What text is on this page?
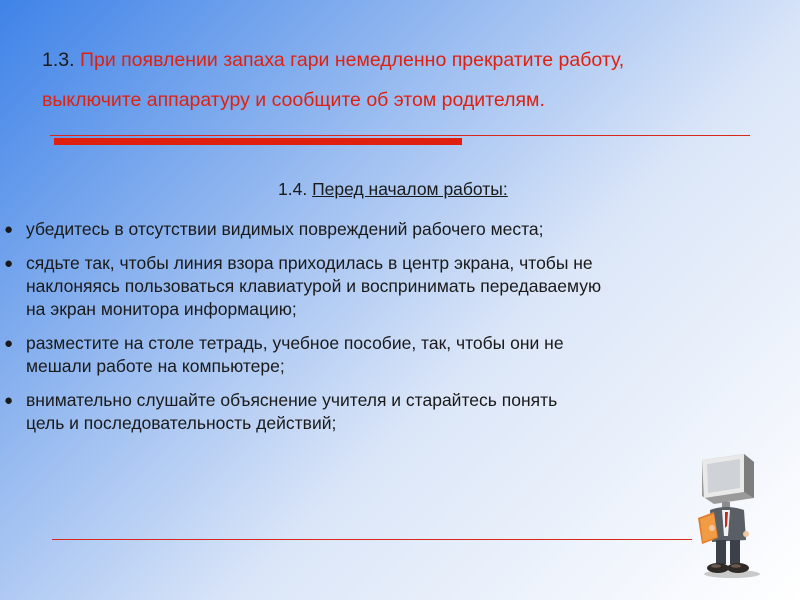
1.3. При появлении запаха гари немедленно прекратите работу,
выключите аппаратуру и сообщите об этом родителям.
1.4. Перед началом работы:
● убедитесь в отсутствии видимых повреждений рабочего места;
● сядьте так, чтобы линия взора приходилась в центр экрана, чтобы не
наклоняясь пользоваться клавиатурой и воспринимать передаваемую
на экран монитора информацию;
● разместите на столе тетрадь, учебное пособие, так, чтобы они не
мешали работе на компьютере;
● внимательно слушайте объяснение учителя и старайтесь понять
цель и последовательность действий;
